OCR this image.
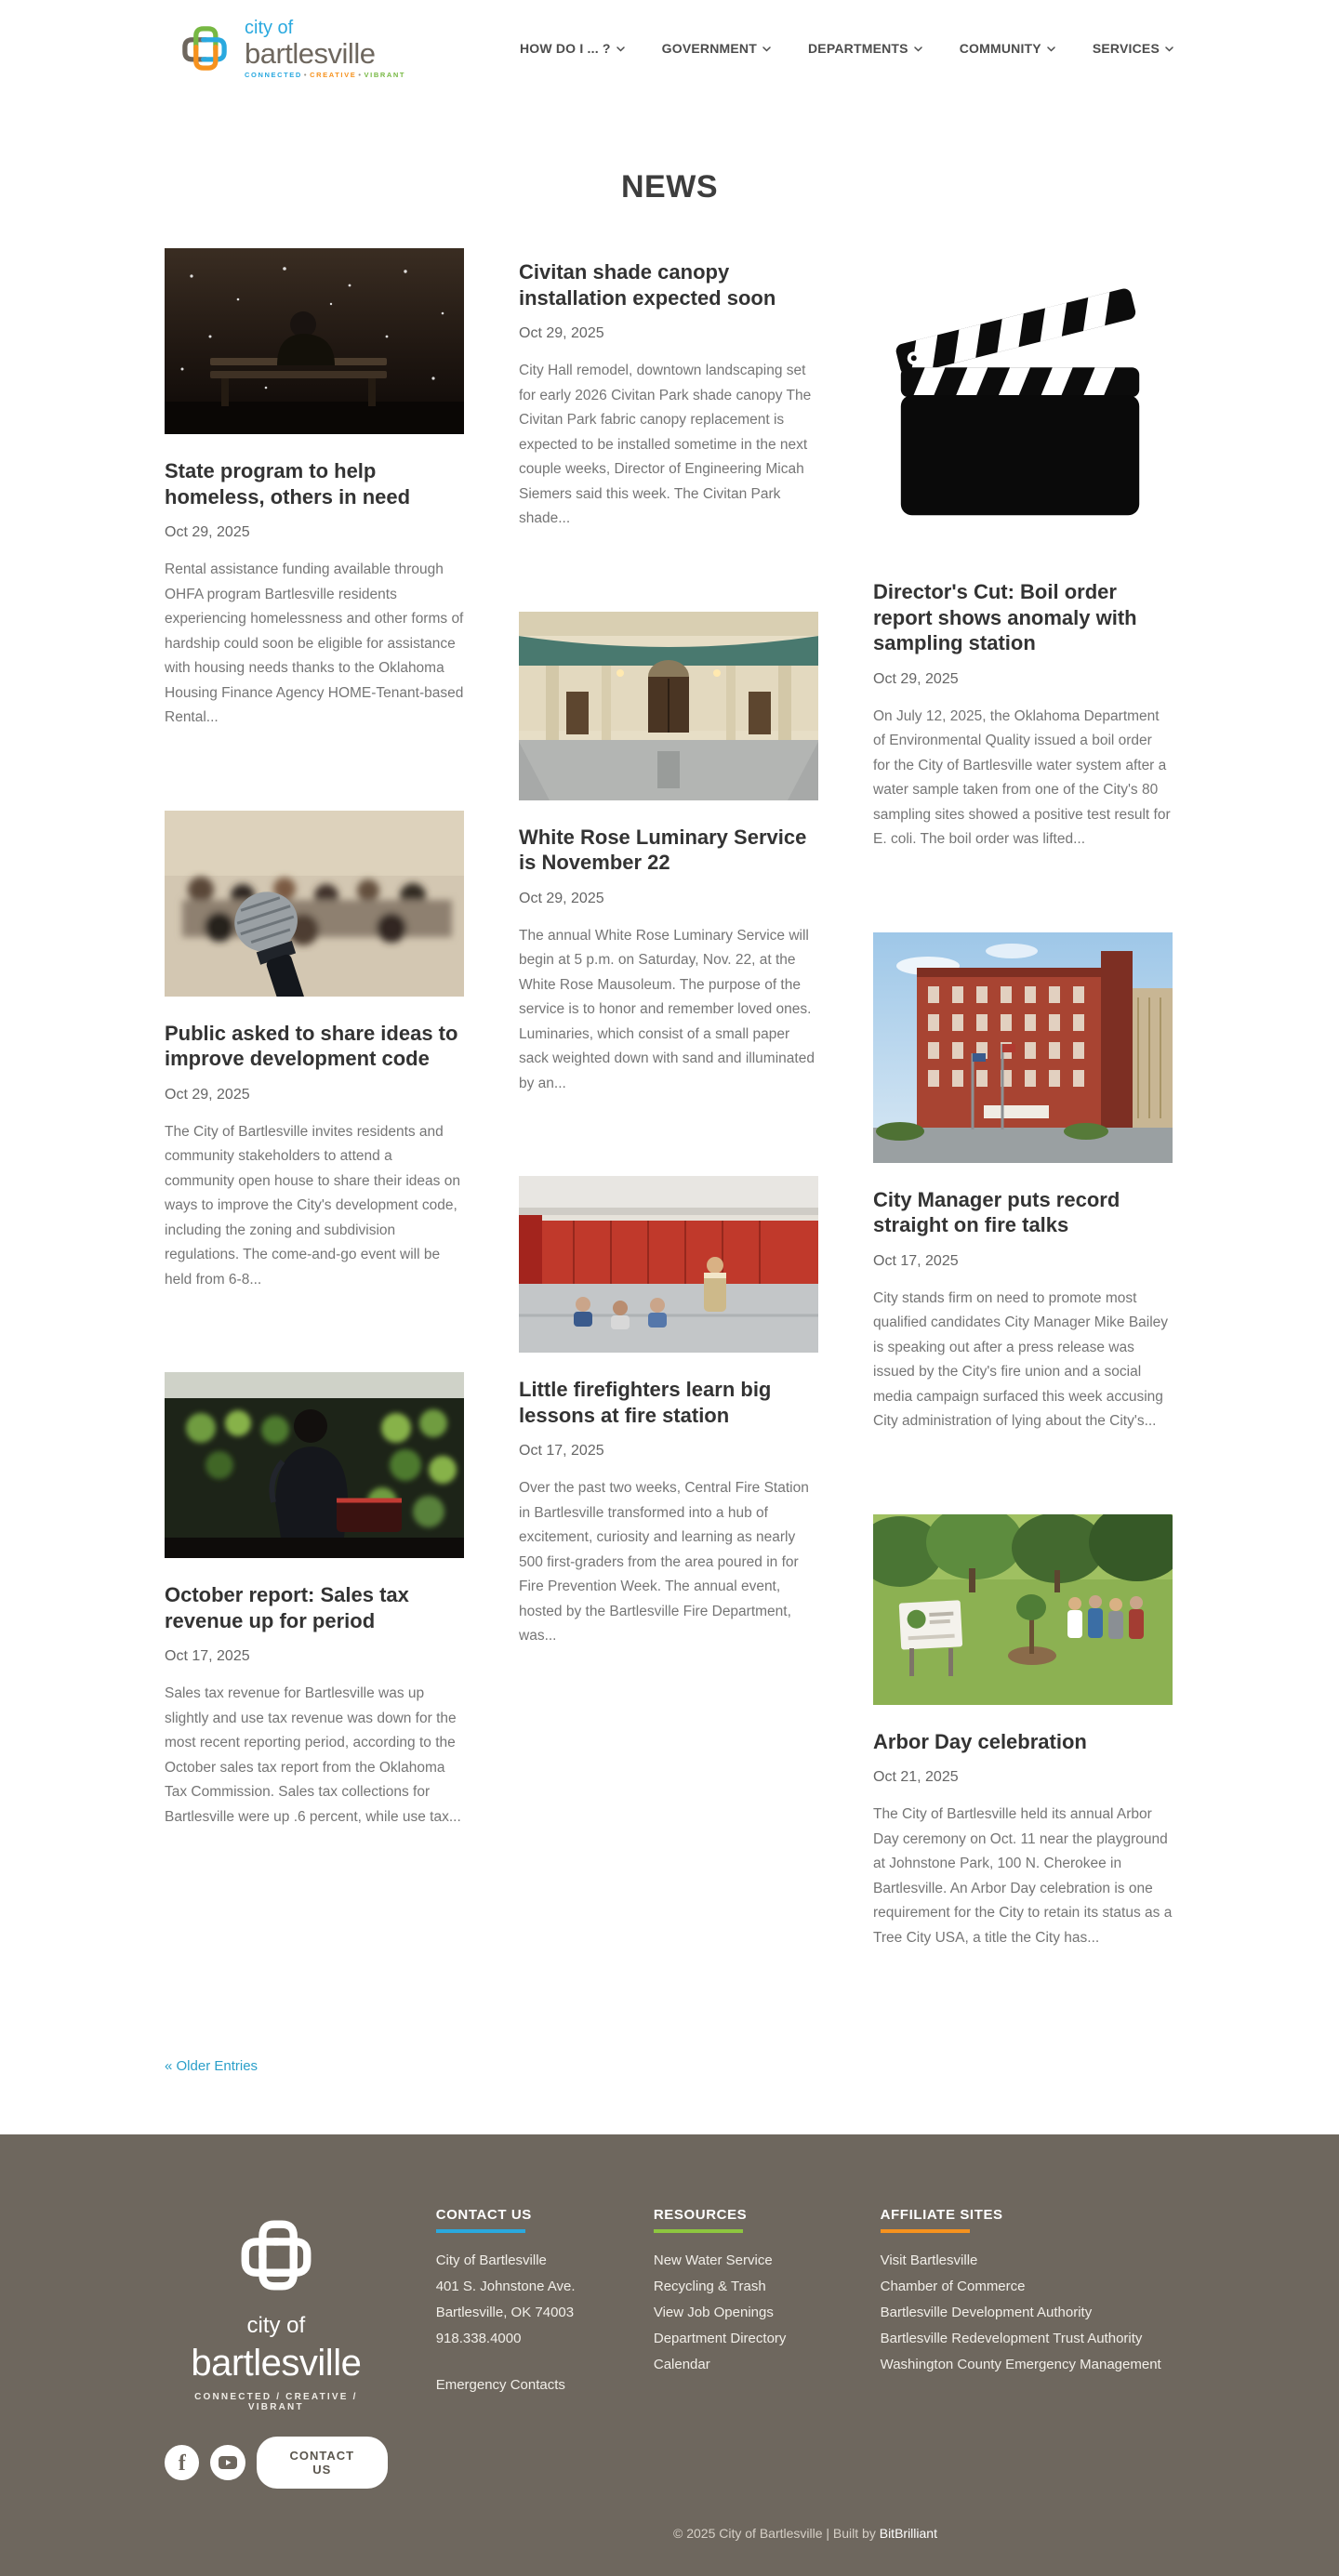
city of
bartlesville
CONNECTED • CREATIVE • VIBRANT
HOW DO I ... ?	GOVERNMENT	DEPARTMENTS	COMMUNITY	SERVICES
NEWS
State program to help homeless, others in need
Oct 29, 2025

Rental assistance funding available through OHFA program Bartlesville residents experiencing homelessness and other forms of hardship could soon be eligible for assistance with housing needs thanks to the Oklahoma Housing Finance Agency HOME-Tenant-based Rental...

Public asked to share ideas to improve development code
Oct 29, 2025

The City of Bartlesville invites residents and community stakeholders to attend a community open house to share their ideas on ways to improve the City's development code, including the zoning and subdivision regulations. The come-and-go event will be held from 6-8...

October report: Sales tax revenue up for period
Oct 17, 2025

Sales tax revenue for Bartlesville was up slightly and use tax revenue was down for the most recent reporting period, according to the October sales tax report from the Oklahoma Tax Commission. Sales tax collections for Bartlesville were up .6 percent, while use tax...

Civitan shade canopy installation expected soon
Oct 29, 2025

City Hall remodel, downtown landscaping set for early 2026 Civitan Park shade canopy The Civitan Park fabric canopy replacement is expected to be installed sometime in the next couple weeks, Director of Engineering Micah Siemers said this week. The Civitan Park shade...

White Rose Luminary Service is November 22
Oct 29, 2025

The annual White Rose Luminary Service will begin at 5 p.m. on Saturday, Nov. 22, at the White Rose Mausoleum. The purpose of the service is to honor and remember loved ones. Luminaries, which consist of a small paper sack weighted down with sand and illuminated by an...

Little firefighters learn big lessons at fire station
Oct 17, 2025

Over the past two weeks, Central Fire Station in Bartlesville transformed into a hub of excitement, curiosity and learning as nearly 500 first-graders from the area poured in for Fire Prevention Week. The annual event, hosted by the Bartlesville Fire Department, was...

Director's Cut: Boil order report shows anomaly with sampling station
Oct 29, 2025

On July 12, 2025, the Oklahoma Department of Environmental Quality issued a boil order for the City of Bartlesville water system after a water sample taken from one of the City's 80 sampling sites showed a positive test result for E. coli. The boil order was lifted...

City Manager puts record straight on fire talks
Oct 17, 2025

City stands firm on need to promote most qualified candidates City Manager Mike Bailey is speaking out after a press release was issued by the City's fire union and a social media campaign surfaced this week accusing City administration of lying about the City's...

Arbor Day celebration
Oct 21, 2025

The City of Bartlesville held its annual Arbor Day ceremony on Oct. 11 near the playground at Johnstone Park, 100 N. Cherokee in Bartlesville. An Arbor Day celebration is one requirement for the City to retain its status as a Tree City USA, a title the City has...

« Older Entries
city of
bartlesville
CONNECTED / CREATIVE / VIBRANT
f	CONTACT US
CONTACT US
City of Bartlesville
401 S. Johnstone Ave.
Bartlesville, OK 74003
918.338.4000
Emergency Contacts
RESOURCES
New Water Service
Recycling & Trash
View Job Openings
Department Directory
Calendar
AFFILIATE SITES
Visit Bartlesville
Chamber of Commerce
Bartlesville Development Authority
Bartlesville Redevelopment Trust Authority
Washington County Emergency Management
© 2025 City of Bartlesville | Built by BitBrilliant
